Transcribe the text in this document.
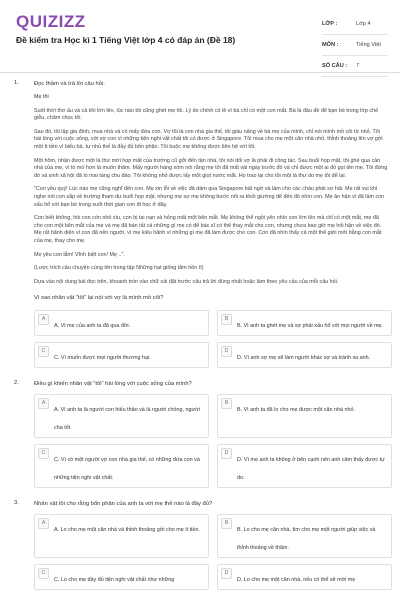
QUIZIZZ
Đề kiểm tra Học kì 1 Tiếng Việt lớp 4 có đáp án (Đề 18)
LỚP :	Lớp 4
MÔN :	Tiếng Việt
SỐ CÂU : 7
1.	Đọc thầm và trả lời câu hỏi.

Mẹ tôi

Suốt thời thơ ấu và cả khi lớn lên, lúc nào tôi cũng ghét mẹ tôi. Lý do chính có lẽ vì bà chỉ có một con mắt. Bà là đầu đề để bạn bè trong lớp chế giễu, châm chọc tôi.

Sau đó, tôi lập gia đình, mua nhà và có mấy đứa con. Vợ tôi là con nhà gia thế, tôi giàu năng về bà mẹ của mình, chỉ nói mình mồ côi từ nhỏ. Tôi hài lòng với cuộc sống, với vợ con vì những tiện nghi vật chất tôi có được ở Singapore. Tôi mua cho mẹ một căn nhà nhỏ, thỉnh thoảng lên vợ gởi một ít tiền vì biểu bà, tự nhủ thế là đầy đủ bổn phận. Tôi buộc mẹ không được liên hệ với tôi.

Một hôm, nhận được một lá thư mời họp mặt của trường cũ gởi đến tận nhà, tôi nói dối vợ là phải đi công tác. Sau buổi họp mặt, tôi ghé qua căn nhà của mẹ, vì tò mò hơn là muốn thăm. Mấy người hàng xóm nói rằng mẹ tôi đã mất vài ngày trước đó và chỉ được một ai đó gọi tên mẹ. Tôi đứng đó và sinh xã hội đã lo mai táng chu đáo. Tôi không nhỏ được lấy một giọt nước mắt. Họ trao lại cho tôi một lá thư do mẹ tôi để lại.

"Con yêu quý! Lúc nào mẹ cũng nghĩ đến con. Mẹ xin lỗi về việc đã dám qua Singapore bất ngờ và làm cho các cháu phải sợ hãi. Mẹ rất vui khi nghe nói con sắp về trường tham dự buổi họp mặt, nhưng mẹ sợ mẹ không bước nổi ra khỏi giường để đến đó nhìn con. Mẹ ân hận vì đã làm con xấu hổ với bạn bè trong suốt thời gian con đi học ở đây.

Con biết không, hồi con còn nhỏ xíu, con bị tai nạn và hỏng mất một bên mắt. Mẹ không thể ngồi yên nhìn con lớn lên mà chỉ có một mắt, mẹ đã cho con một bên mắt của mẹ và mẹ đã bán tất cả những gì mẹ có để bác sĩ có thể thay mắt cho con, nhưng chưa bao giờ mẹ hối hận về việc đó. Mẹ rất hãnh diện vì con đã nên người, vì mẹ kiêu hãnh vì những gì mẹ đã làm được cho con. Con đã nhìn thấy cả một thế giới mới bằng con mắt của mẹ, thay cho mẹ.

Mẹ yêu con lắm! Vĩnh biệt con! Mẹ ..".

(Lược trích câu chuyện cùng tên trong tập Những hạt giống tâm hồn II)

Dựa vào nội dung bài đọc trên, khoanh tròn vào chữ cái đặt trước câu trả lời đúng nhất hoặc làm theo yêu cầu của mỗi câu hỏi.

Vì sao nhân vật "tôi" lại nói với vợ là mình mồ côi?

A
A. Vì mẹ của anh ta đã qua đời.
B
B. Vì anh ta ghét mẹ và sợ phải xấu hổ với mọi người về mẹ.
C
C. Vì muốn được mọi người thương hại.
D
D. Vì anh sợ mẹ sẽ làm người khác sợ và tránh xa anh.
2.	Điều gì khiến nhân vật "tôi" hài lòng với cuộc sống của mình?

A
A. Vì anh ta là người con hiếu thảo và là người chồng, người cha tốt.
B
B. Vì anh ta đã lo cho mẹ được một căn nhà nhỏ.
C
C. Vì có một người vợ con nhà gia thế, có những đứa con và những tiện nghi vật chất.
D
D. Vì mẹ anh ta không ở bên cạnh nên anh cảm thấy được tự do.
3.	Nhân vật tôi cho rằng bổn phận của anh ta với mẹ thế nào là đầy đủ?

A
A. Lo cho mẹ một căn nhà và thỉnh thoảng gởi cho mẹ ít tiền.
B
B. Lo cho mẹ căn nhà, tìm cho mẹ một người giúp việc và thỉnh thoảng về thăm.
C
C. Lo cho mẹ đầy đủ tiện nghi vật chất như những
D
D. Lo cho mẹ một căn nhà, nếu có thể sẽ mời mẹ
